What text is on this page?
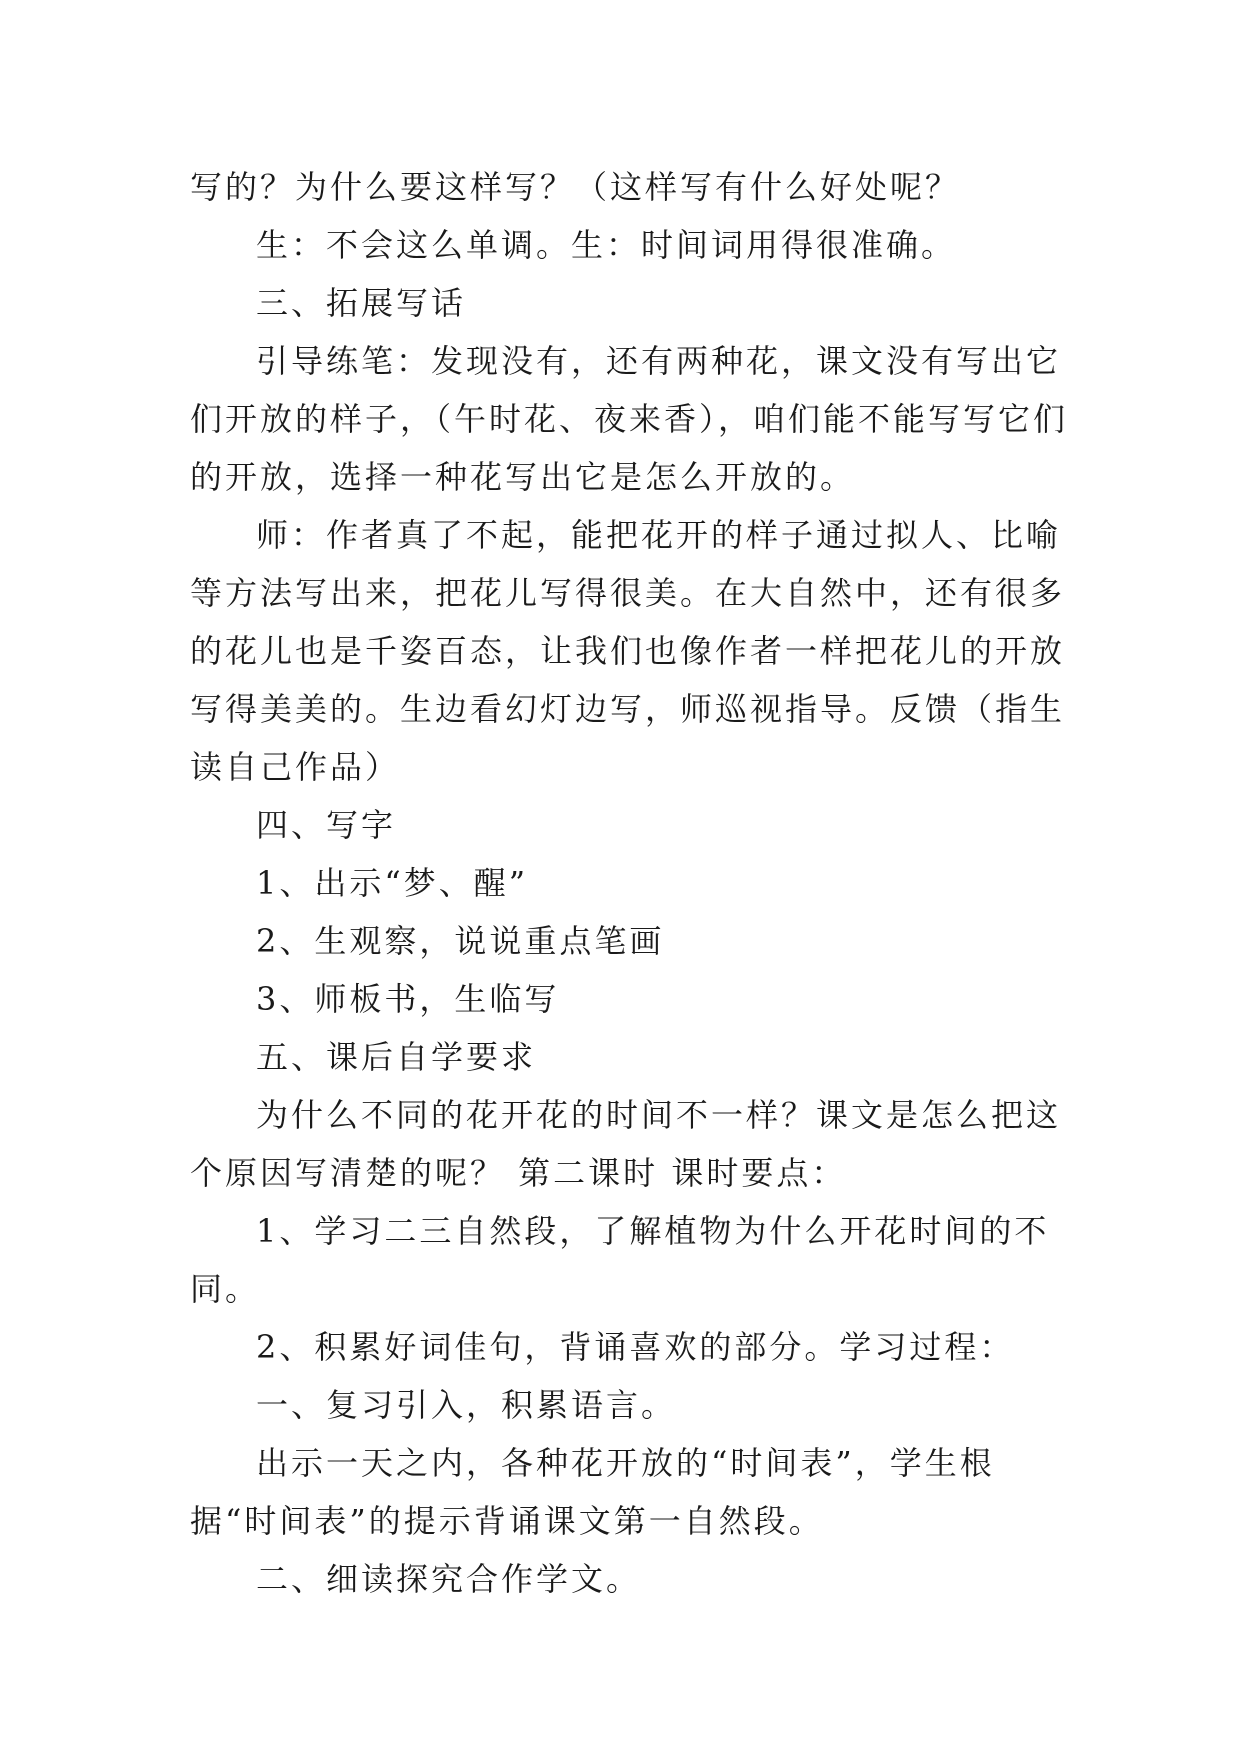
写的？为什么要这样写？（这样写有什么好处呢？

生：不会这么单调。生：时间词用得很准确。

三、拓展写话

引导练笔：发现没有，还有两种花，课文没有写出它们开放的样子，（午时花、夜来香），咱们能不能写写它们的开放，选择一种花写出它是怎么开放的。

师：作者真了不起，能把花开的样子通过拟人、比喻等方法写出来，把花儿写得很美。在大自然中，还有很多的花儿也是千姿百态，让我们也像作者一样把花儿的开放写得美美的。生边看幻灯边写，师巡视指导。反馈（指生读自己作品）

四、写字

1、出示“梦、醒”

2、生观察，说说重点笔画

3、师板书，生临写

五、课后自学要求

为什么不同的花开花的时间不一样？课文是怎么把这个原因写清楚的呢？ 第二课时 课时要点：

1、学习二三自然段，了解植物为什么开花时间的不同。

2、积累好词佳句，背诵喜欢的部分。学习过程：

一、复习引入，积累语言。

出示一天之内，各种花开放的“时间表”，学生根据“时间表”的提示背诵课文第一自然段。

二、细读探究合作学文。
